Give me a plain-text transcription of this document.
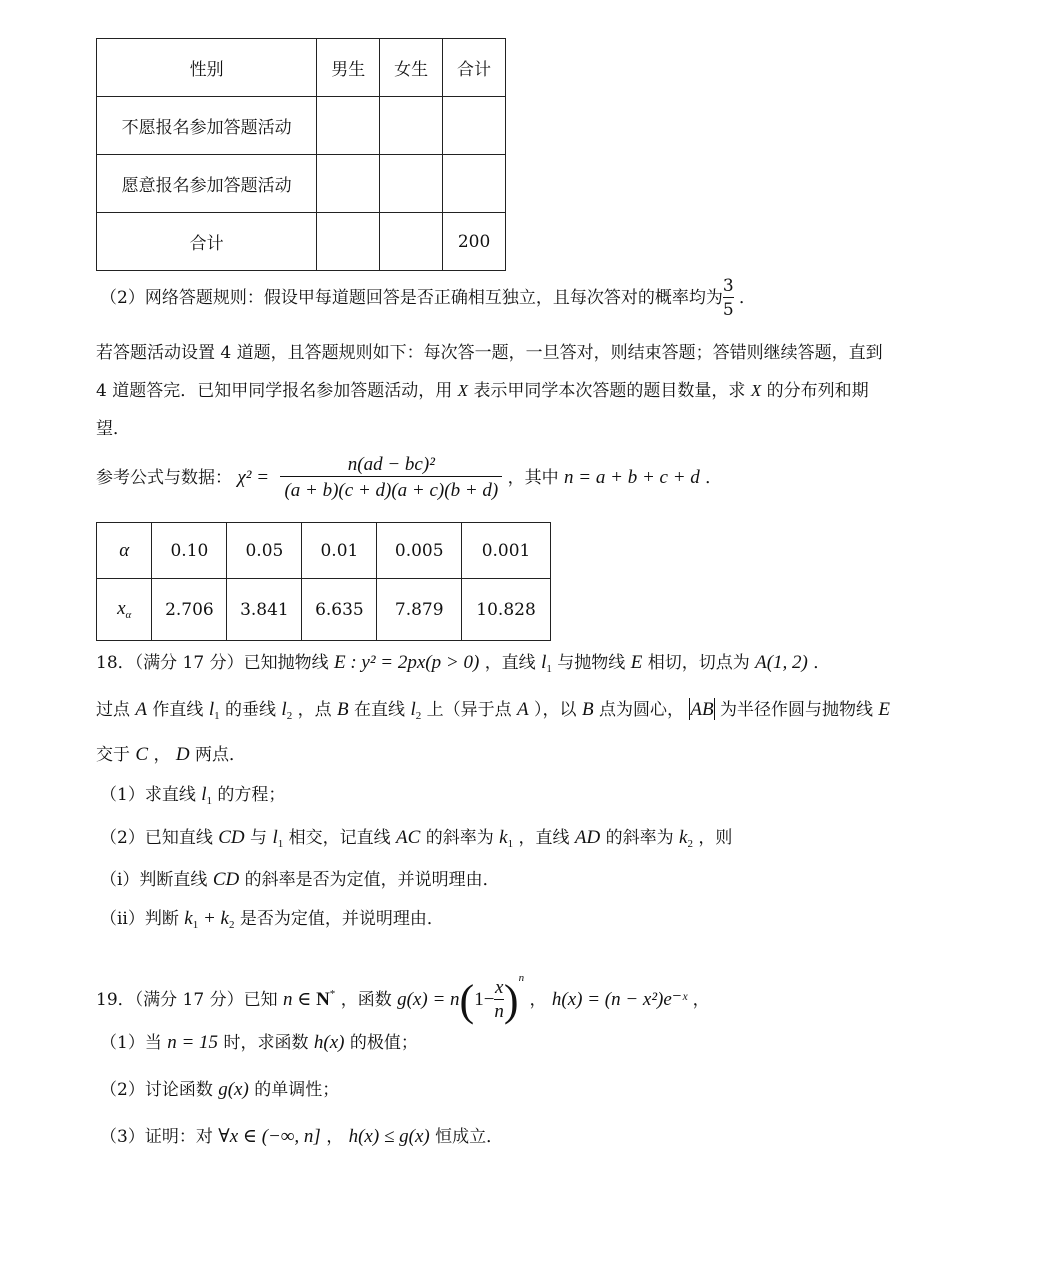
性别	男生	女生	合计
不愿报名参加答题活动			
愿意报名参加答题活动			
合计			200
（2）网络答题规则：假设甲每道题回答是否正确相互独立，且每次答对的概率均为 $\frac{3}{5}$ ．
若答题活动设置 4 道题，且答题规则如下：每次答一题，一旦答对，则结束答题；答错则继续答题，直到
4 道题答完．已知甲同学报名参加答题活动，用 X 表示甲同学本次答题的题目数量，求 X 的分布列和期
望．
参考公式与数据： $\chi^2 = \frac{\text{n(ad − bc)²}}{(a + b)(c + d)(a + c)(b + d)}$ ，其中 n = a + b + c + d ．
α	0.10	0.05	0.01	0.005	0.001
$x_\alpha$	2.706	3.841	6.635	7.879	10.828
18．（满分 17 分）已知抛物线 E : y² = 2px(p > 0) ，直线 $l_1$ 与抛物线 E 相切，切点为 A(1, 2) ．
过点 A 作直线 $l_1$ 的垂线 $l_2$ ，点 B 在直线 $l_2$ 上（异于点 A ），以 B 点为圆心， AB 为半径作圆与抛物线 E
交于 C ， D 两点．
（1）求直线 $l_1$ 的方程；
（2）已知直线 CD 与 $l_1$ 相交，记直线 AC 的斜率为 $k_1$ ，直线 AD 的斜率为 $k_2$ ，则
（i）判断直线 CD 的斜率是否为定值，并说明理由．
（ii）判断 $k_1 + k_2$ 是否为定值，并说明理由．
19．（满分 17 分）已知 n ∈ N* ，函数 $g(x) = n(1- \frac{x}{n} )^n$ ， h(x) = (n − x²)e⁻ˣ ，
（1）当 n = 15 时，求函数 h(x) 的极值；
（2）讨论函数 g(x) 的单调性；
（3）证明：对 ∀x ∈ (−∞, n] ， h(x) ≤ g(x) 恒成立．
